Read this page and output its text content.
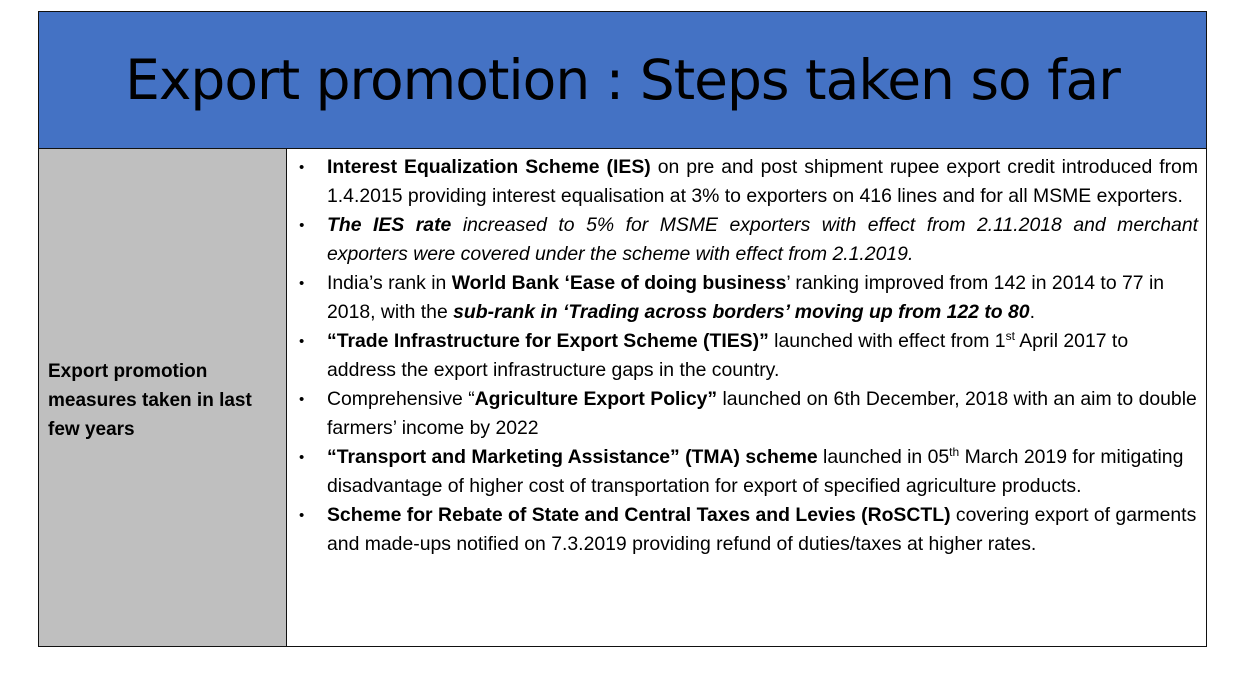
Export promotion : Steps taken so far
Export promotion measures taken in last few years
• Interest Equalization Scheme (IES) on pre and post shipment rupee export credit introduced from 1.4.2015 providing interest equalisation at 3% to exporters on 416 lines and for all MSME exporters.
• The IES rate increased to 5% for MSME exporters with effect from 2.11.2018 and merchant exporters were covered under the scheme with effect from 2.1.2019.
• India’s rank in World Bank ‘Ease of doing business’ ranking improved from 142 in 2014 to 77 in 2018, with the sub-rank in ‘Trading across borders’ moving up from 122 to 80.
• “Trade Infrastructure for Export Scheme (TIES)” launched with effect from 1st April 2017 to address the export infrastructure gaps in the country.
• Comprehensive “Agriculture Export Policy” launched on 6th December, 2018 with an aim to double farmers’ income by 2022
• “Transport and Marketing Assistance” (TMA) scheme launched in 05th March 2019 for mitigating disadvantage of higher cost of transportation for export of specified agriculture products.
• Scheme for Rebate of State and Central Taxes and Levies (RoSCTL) covering export of garments and made-ups notified on 7.3.2019 providing refund of duties/taxes at higher rates.
